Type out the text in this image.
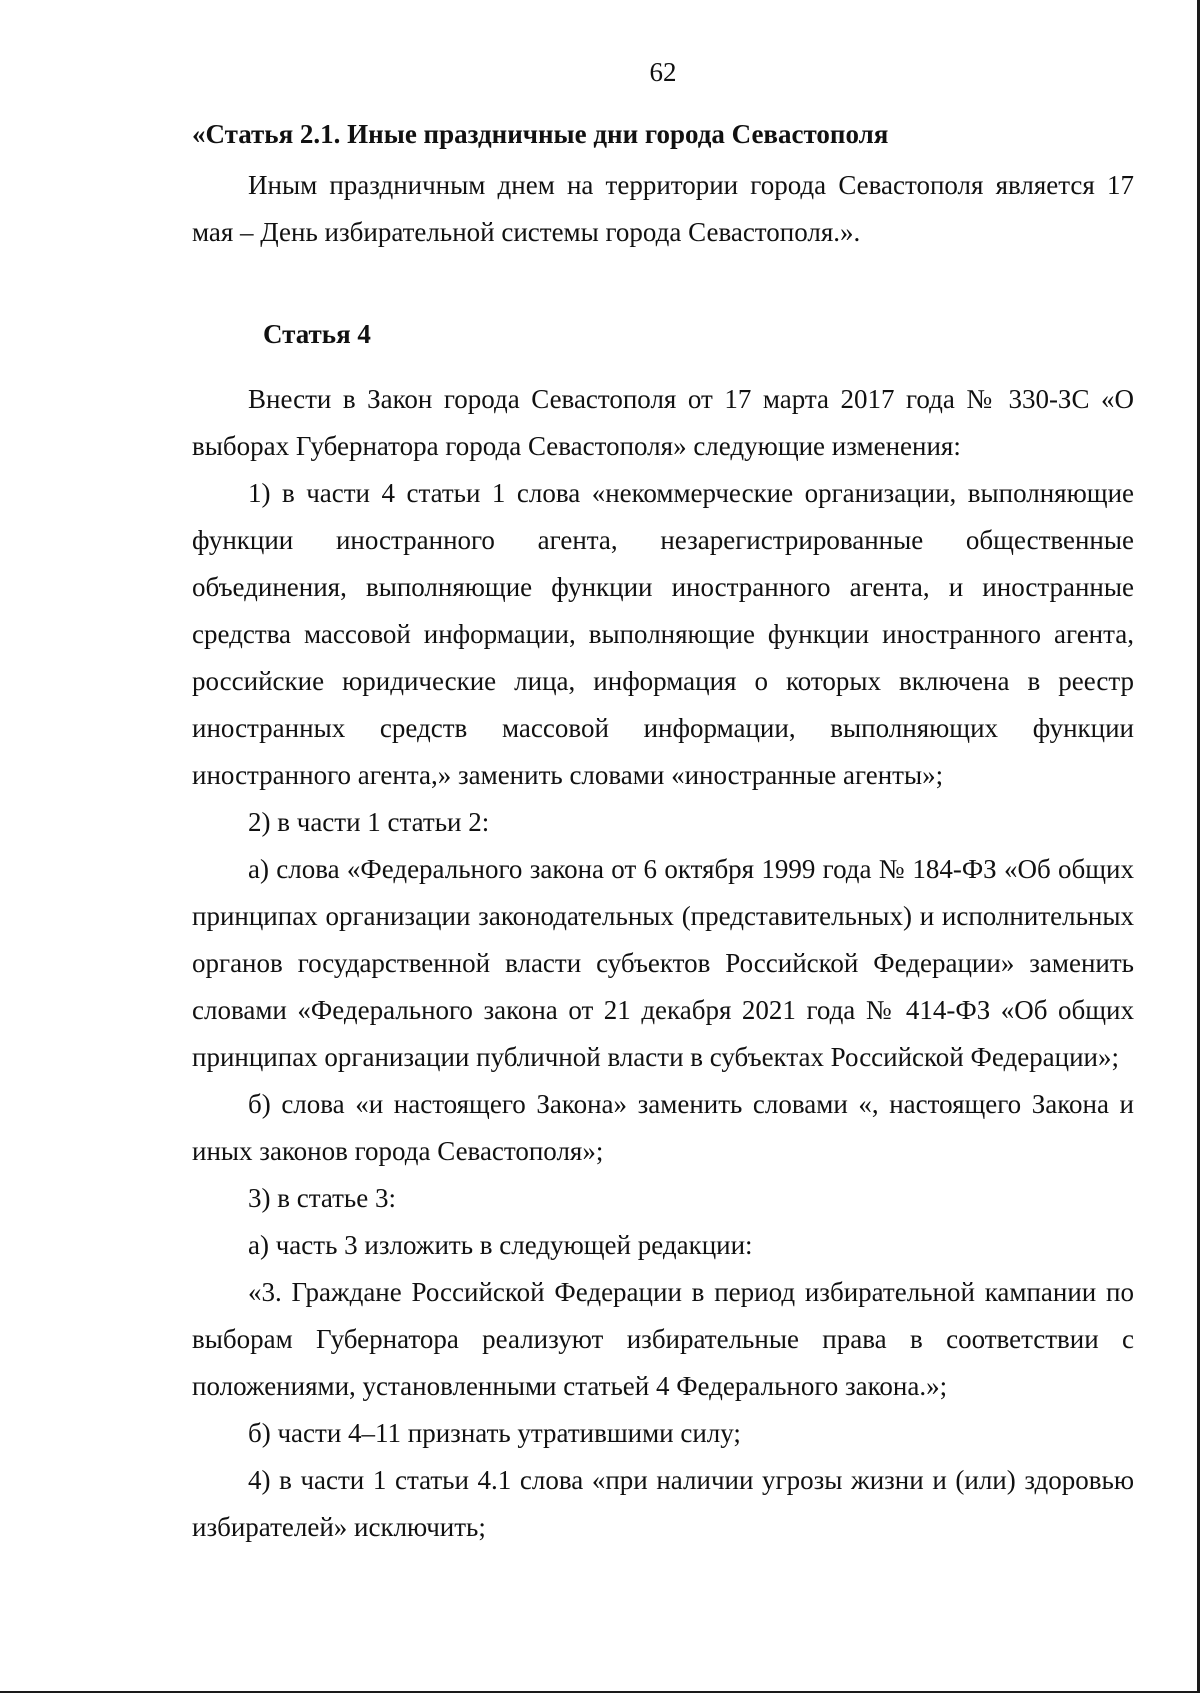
62
«Статья 2.1. Иные праздничные дни города Севастополя

Иным праздничным днем на территории города Севастополя является 17 мая – День избирательной системы города Севастополя.».

Статья 4

Внести в Закон города Севастополя от 17 марта 2017 года № 330-ЗС «О выборах Губернатора города Севастополя» следующие изменения:

1) в части 4 статьи 1 слова «некоммерческие организации, выполняющие функции иностранного агента, незарегистрированные общественные объединения, выполняющие функции иностранного агента, и иностранные средства массовой информации, выполняющие функции иностранного агента, российские юридические лица, информация о которых включена в реестр иностранных средств массовой информации, выполняющих функции иностранного агента,» заменить словами «иностранные агенты»;

2) в части 1 статьи 2:

а) слова «Федерального закона от 6 октября 1999 года № 184-ФЗ «Об общих принципах организации законодательных (представительных) и исполнительных органов государственной власти субъектов Российской Федерации» заменить словами «Федерального закона от 21 декабря 2021 года № 414-ФЗ «Об общих принципах организации публичной власти в субъектах Российской Федерации»;

б) слова «и настоящего Закона» заменить словами «, настоящего Закона и иных законов города Севастополя»;

3) в статье 3:

а) часть 3 изложить в следующей редакции:

«3. Граждане Российской Федерации в период избирательной кампании по выборам Губернатора реализуют избирательные права в соответствии с положениями, установленными статьей 4 Федерального закона.»;

б) части 4–11 признать утратившими силу;

4) в части 1 статьи 4.1 слова «при наличии угрозы жизни и (или) здоровью избирателей» исключить;
